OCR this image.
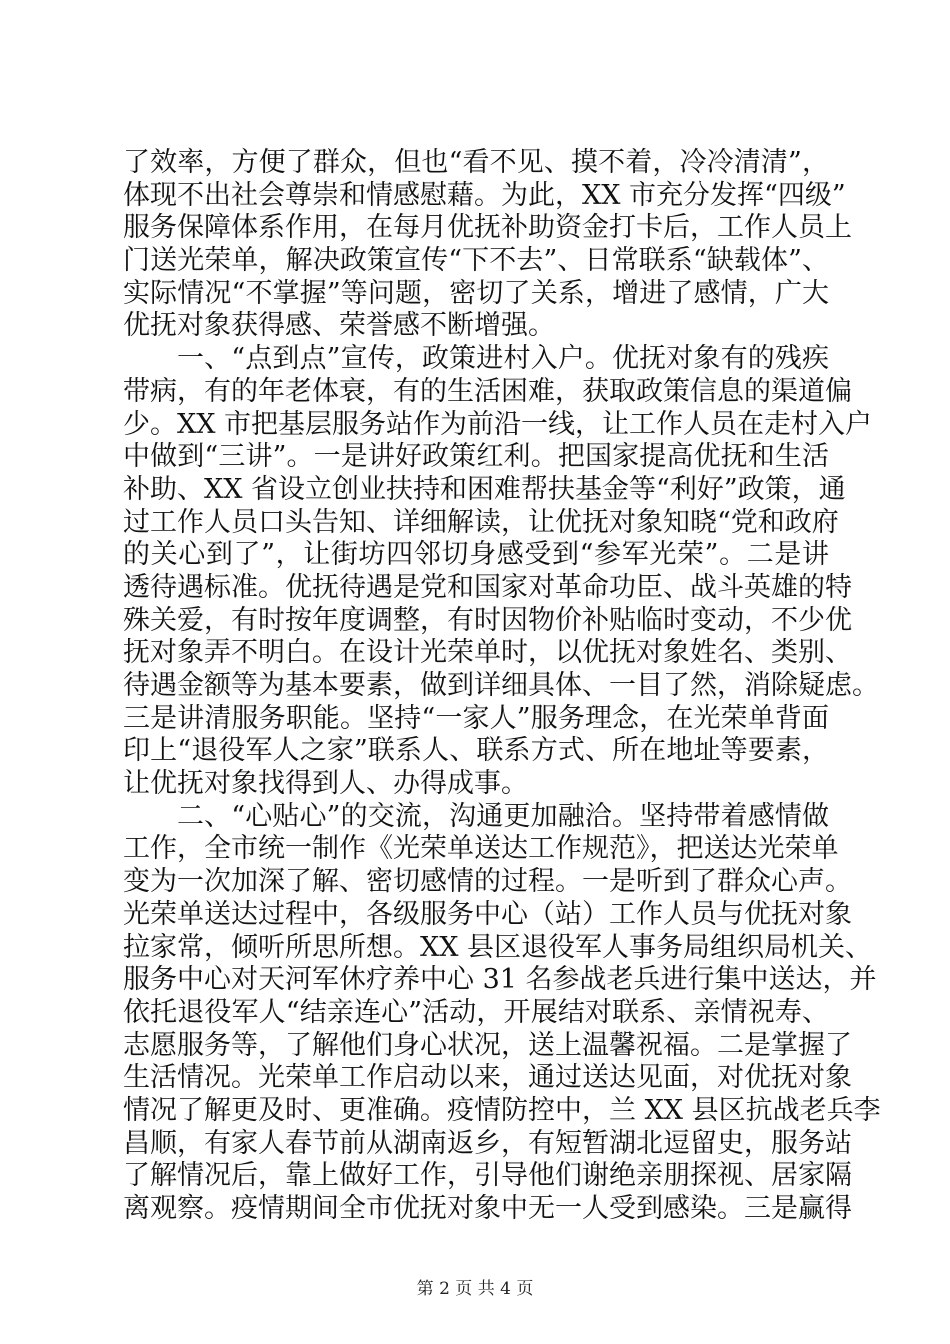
了效率，方便了群众，但也“看不见、摸不着，冷冷清清”，
体现不出社会尊崇和情感慰藉。为此，XX 市充分发挥“四级”
服务保障体系作用，在每月优抚补助资金打卡后，工作人员上
门送光荣单，解决政策宣传“下不去”、日常联系“缺载体”、
实际情况“不掌握”等问题，密切了关系，增进了感情，广大
优抚对象获得感、荣誉感不断增强。
一、“点到点”宣传，政策进村入户。优抚对象有的残疾
带病，有的年老体衰，有的生活困难，获取政策信息的渠道偏
少。XX 市把基层服务站作为前沿一线，让工作人员在走村入户
中做到“三讲”。一是讲好政策红利。把国家提高优抚和生活
补助、XX 省设立创业扶持和困难帮扶基金等“利好”政策，通
过工作人员口头告知、详细解读，让优抚对象知晓“党和政府
的关心到了”，让街坊四邻切身感受到“参军光荣”。二是讲
透待遇标准。优抚待遇是党和国家对革命功臣、战斗英雄的特
殊关爱，有时按年度调整，有时因物价补贴临时变动，不少优
抚对象弄不明白。在设计光荣单时，以优抚对象姓名、类别、
待遇金额等为基本要素，做到详细具体、一目了然，消除疑虑。
三是讲清服务职能。坚持“一家人”服务理念，在光荣单背面
印上“退役军人之家”联系人、联系方式、所在地址等要素，
让优抚对象找得到人、办得成事。
二、“心贴心”的交流，沟通更加融洽。坚持带着感情做
工作，全市统一制作《光荣单送达工作规范》，把送达光荣单
变为一次加深了解、密切感情的过程。一是听到了群众心声。
光荣单送达过程中，各级服务中心（站）工作人员与优抚对象
拉家常，倾听所思所想。XX 县区退役军人事务局组织局机关、
服务中心对天河军休疗养中心 31 名参战老兵进行集中送达，并
依托退役军人“结亲连心”活动，开展结对联系、亲情祝寿、
志愿服务等，了解他们身心状况，送上温馨祝福。二是掌握了
生活情况。光荣单工作启动以来，通过送达见面，对优抚对象
情况了解更及时、更准确。疫情防控中，兰 XX 县区抗战老兵李
昌顺，有家人春节前从湖南返乡，有短暂湖北逗留史，服务站
了解情况后，靠上做好工作，引导他们谢绝亲朋探视、居家隔
离观察。疫情期间全市优抚对象中无一人受到感染。三是赢得
第 2 页 共 4 页
